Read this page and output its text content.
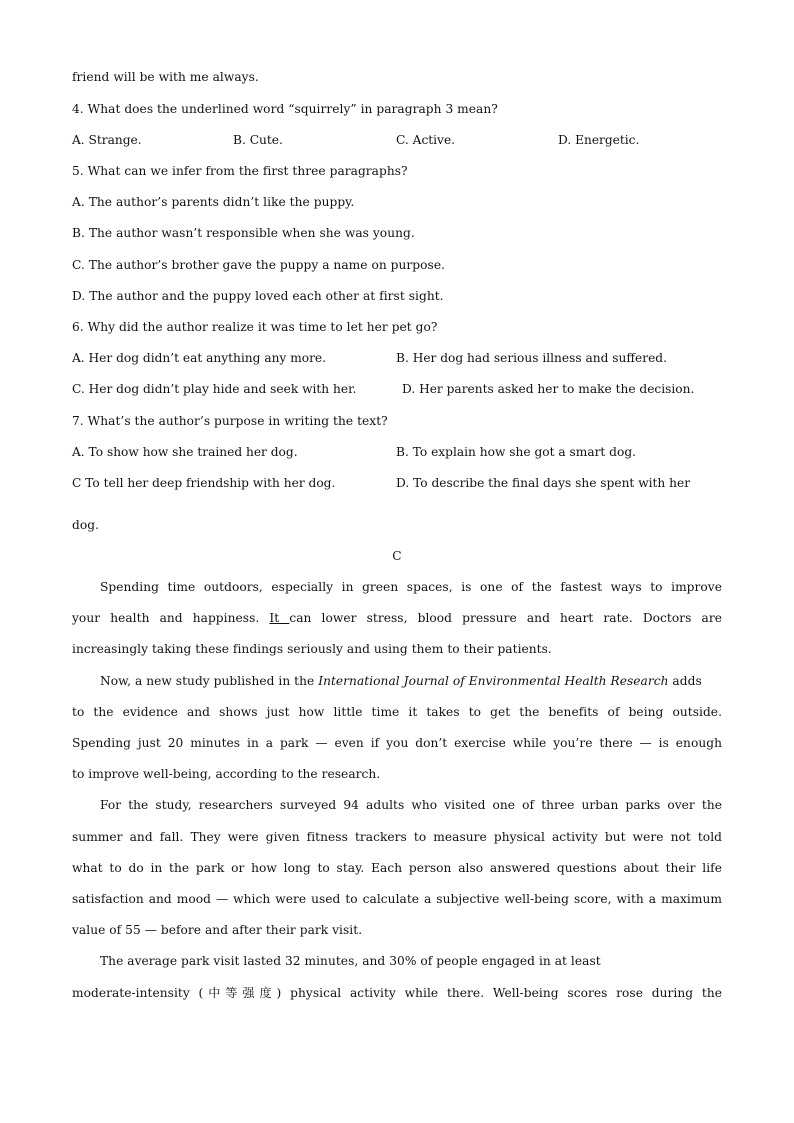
friend will be with me always.
4. What does the underlined word “squirrely” in paragraph 3 mean?
A. Strange.	B. Cute.	C. Active.	D. Energetic.
5. What can we infer from the first three paragraphs?
A. The author’s parents didn’t like the puppy.
B. The author wasn’t responsible when she was young.
C. The author’s brother gave the puppy a name on purpose.
D. The author and the puppy loved each other at first sight.
6. Why did the author realize it was time to let her pet go?
A. Her dog didn’t eat anything any more.	B. Her dog had serious illness and suffered.
C. Her dog didn’t play hide and seek with her.	D. Her parents asked her to make the decision.
7. What’s the author’s purpose in writing the text?
A. To show how she trained her dog.	B. To explain how she got a smart dog.
C To tell her deep friendship with her dog.	D. To describe the final days she spent with her
dog.
C
Spending time outdoors, especially in green spaces, is one of the fastest ways to improve
your health and happiness. It can lower stress, blood pressure and heart rate. Doctors are
increasingly taking these findings seriously and using them to their patients.
Now, a new study published in the International Journal of Environmental Health Research adds
to the evidence and shows just how little time it takes to get the benefits of being outside.
Spending just 20 minutes in a park — even if you don’t exercise while you’re there — is enough
to improve well-being, according to the research.
For the study, researchers surveyed 94 adults who visited one of three urban parks over the
summer and fall. They were given fitness trackers to measure physical activity but were not told
what to do in the park or how long to stay. Each person also answered questions about their life
satisfaction and mood — which were used to calculate a subjective well-being score, with a maximum
value of 55 — before and after their park visit.
The average park visit lasted 32 minutes, and 30% of people engaged in at least
moderate-intensity (中等强度) physical activity while there. Well-being scores rose during the
